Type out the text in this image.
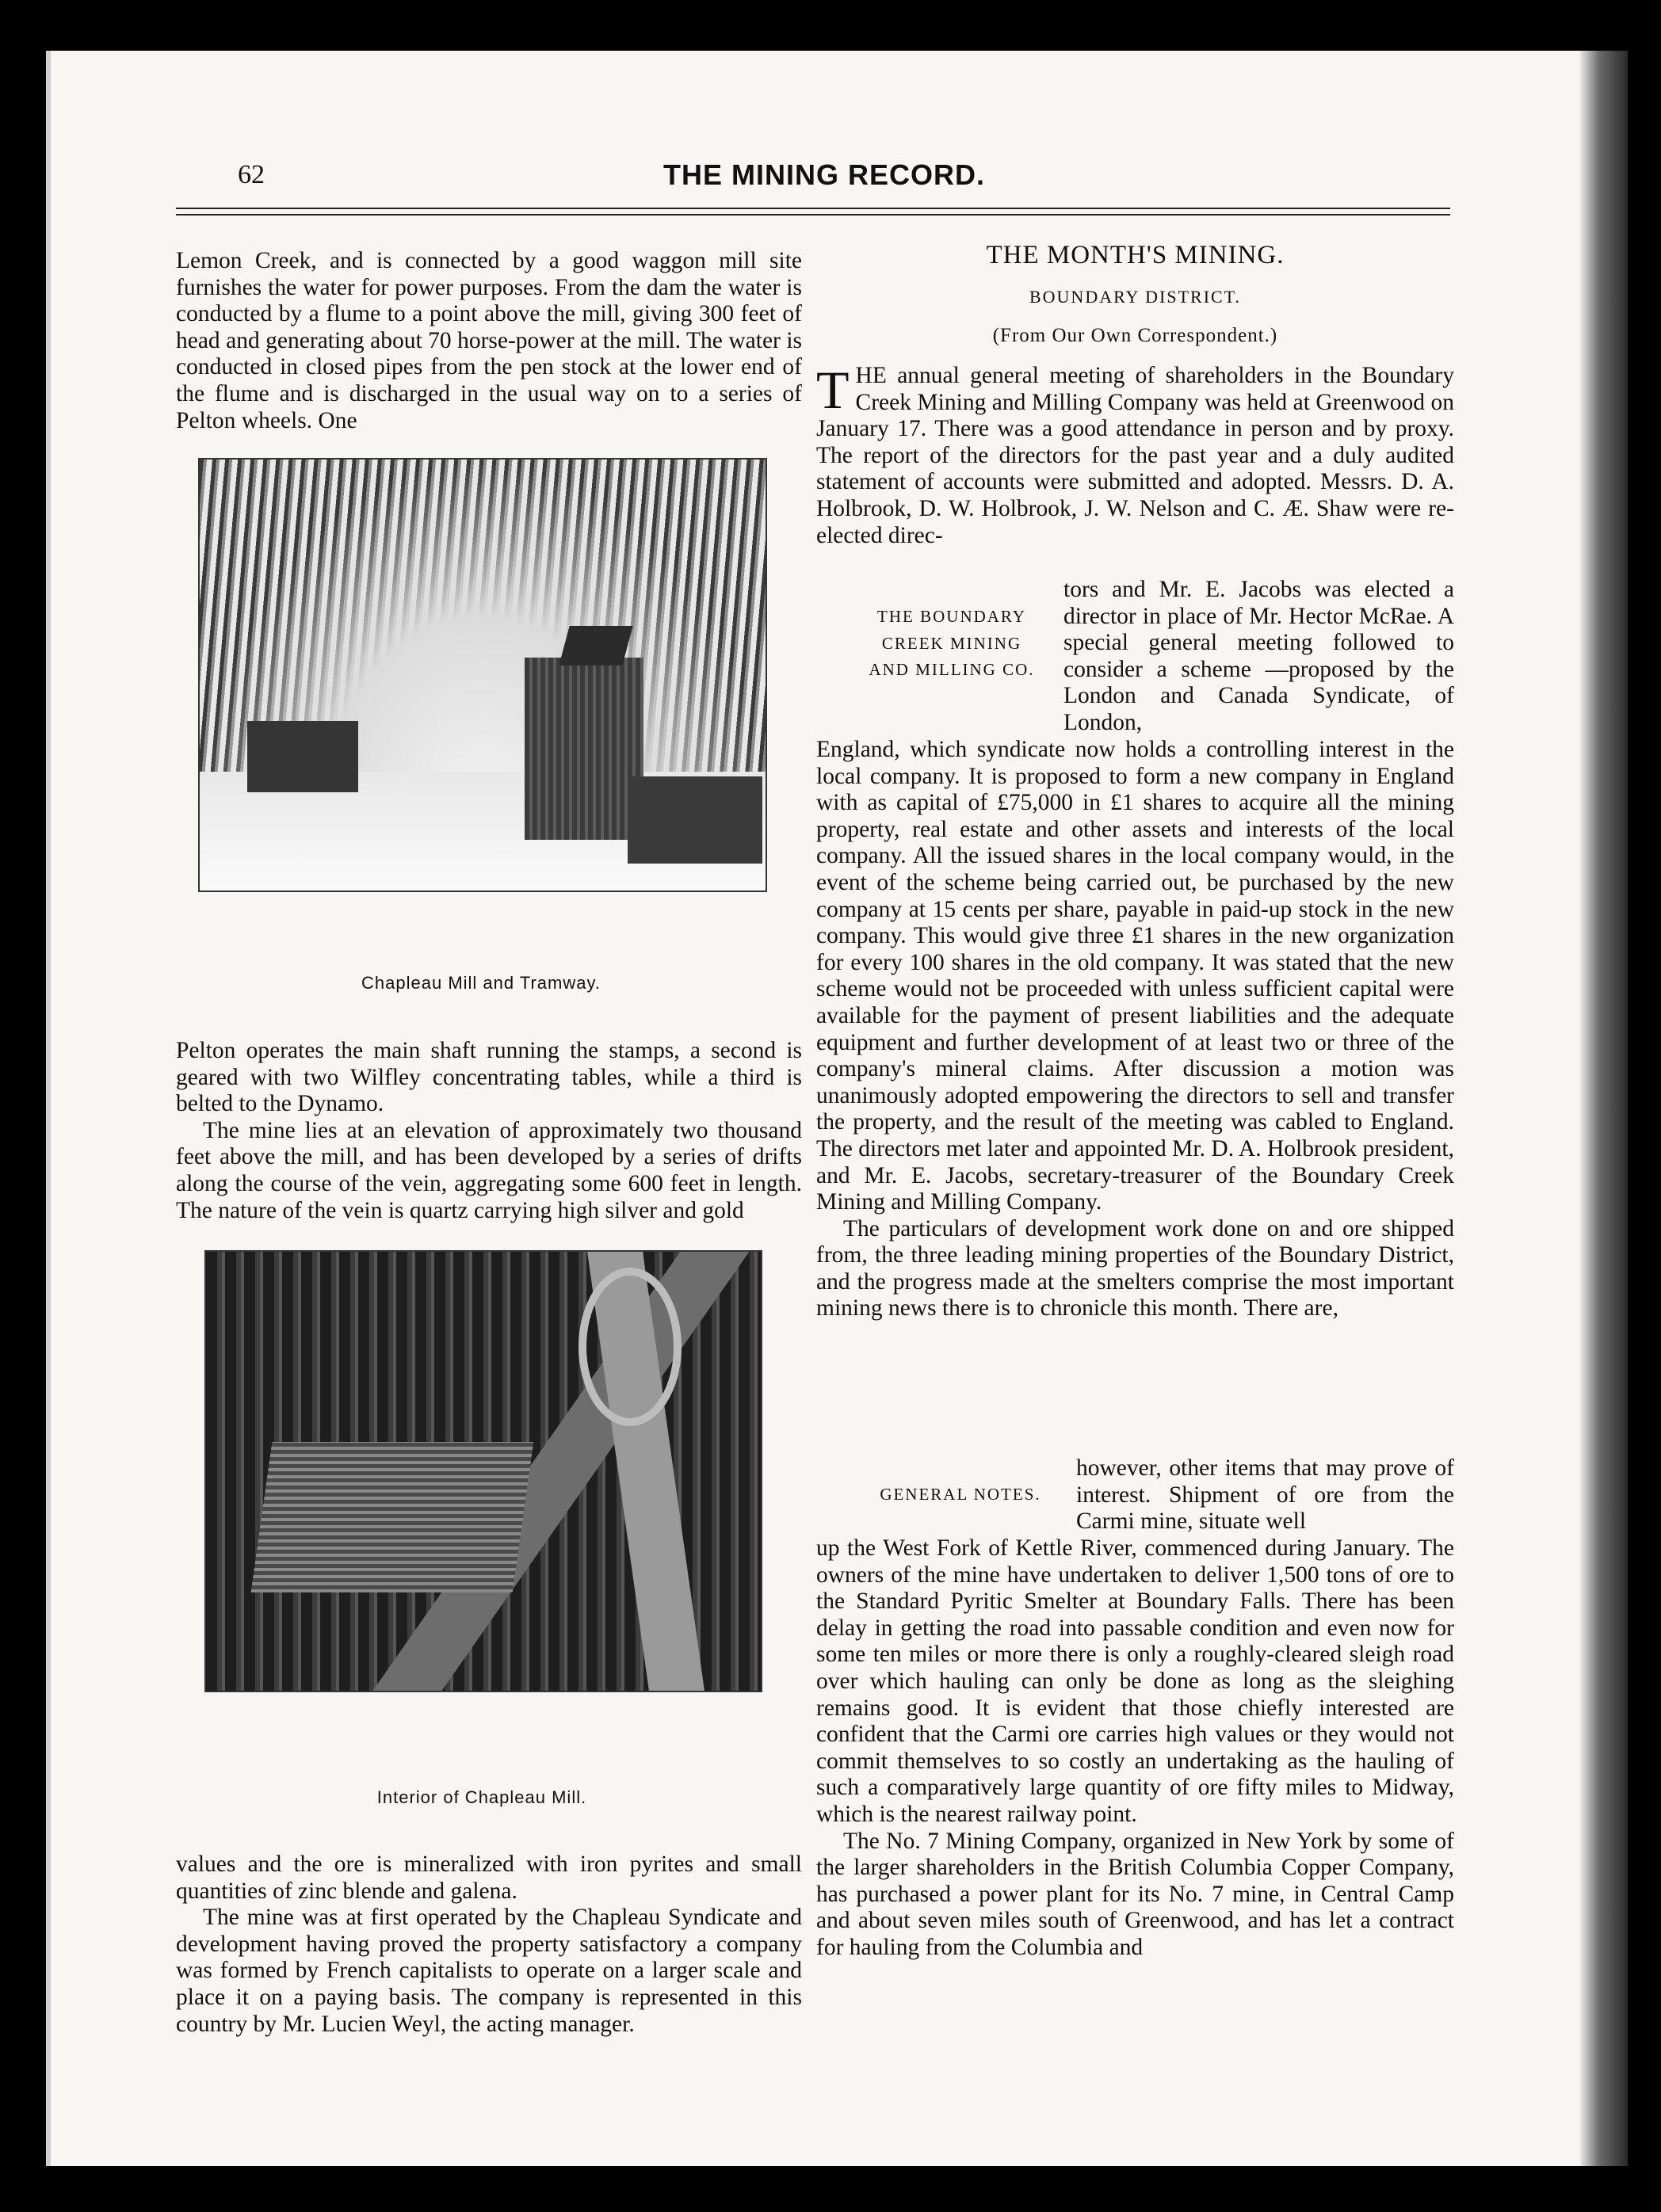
62	THE MINING RECORD.

Lemon Creek, and is connected by a good waggon mill site furnishes the water for power purposes. From the dam the water is conducted by a flume to a point above the mill, giving 300 feet of head and generating about 70 horse-power at the mill. The water is conducted in closed pipes from the pen stock at the lower end of the flume and is discharged in the usual way on to a series of Pelton wheels. One

Chapleau Mill and Tramway.

Pelton operates the main shaft running the stamps, a second is geared with two Wilfley concentrating tables, while a third is belted to the Dynamo.

The mine lies at an elevation of approximately two thousand feet above the mill, and has been developed by a series of drifts along the course of the vein, aggregating some 600 feet in length. The nature of the vein is quartz carrying high silver and gold

Interior of Chapleau Mill.

values and the ore is mineralized with iron pyrites and small quantities of zinc blende and galena.

The mine was at first operated by the Chapleau Syndicate and development having proved the property satisfactory a company was formed by French capitalists to operate on a larger scale and place it on a paying basis. The company is represented in this country by Mr. Lucien Weyl, the acting manager.

THE MONTH'S MINING.
BOUNDARY DISTRICT.
(From Our Own Correspondent.)

THE annual general meeting of shareholders in the Boundary Creek Mining and Milling Company was held at Greenwood on January 17. There was a good attendance in person and by proxy. The report of the directors for the past year and a duly audited statement of accounts were submitted and adopted. Messrs. D. A. Holbrook, D. W. Holbrook, J. W. Nelson and C. Æ. Shaw were re-elected direc-

THE BOUNDARY CREEK MINING AND MILLING CO.

tors and Mr. E. Jacobs was elected a director in place of Mr. Hector McRae. A special general meeting followed to consider a scheme —proposed by the London and Canada Syndicate, of London,

England, which syndicate now holds a controlling interest in the local company. It is proposed to form a new company in England with as capital of £75,000 in £1 shares to acquire all the mining property, real estate and other assets and interests of the local company. All the issued shares in the local company would, in the event of the scheme being carried out, be purchased by the new company at 15 cents per share, payable in paid-up stock in the new company. This would give three £1 shares in the new organization for every 100 shares in the old company. It was stated that the new scheme would not be proceeded with unless sufficient capital were available for the payment of present liabilities and the adequate equipment and further development of at least two or three of the company's mineral claims. After discussion a motion was unanimously adopted empowering the directors to sell and transfer the property, and the result of the meeting was cabled to England. The directors met later and appointed Mr. D. A. Holbrook president, and Mr. E. Jacobs, secretary-treasurer of the Boundary Creek Mining and Milling Company.

The particulars of development work done on and ore shipped from, the three leading mining properties of the Boundary District, and the progress made at the smelters comprise the most important mining news there is to chronicle this month. There are,

GENERAL NOTES.

however, other items that may prove of interest. Shipment of ore from the Carmi mine, situate well

up the West Fork of Kettle River, commenced during January. The owners of the mine have undertaken to deliver 1,500 tons of ore to the Standard Pyritic Smelter at Boundary Falls. There has been delay in getting the road into passable condition and even now for some ten miles or more there is only a roughly-cleared sleigh road over which hauling can only be done as long as the sleighing remains good. It is evident that those chiefly interested are confident that the Carmi ore carries high values or they would not commit themselves to so costly an undertaking as the hauling of such a comparatively large quantity of ore fifty miles to Midway, which is the nearest railway point.

The No. 7 Mining Company, organized in New York by some of the larger shareholders in the British Columbia Copper Company, has purchased a power plant for its No. 7 mine, in Central Camp and about seven miles south of Greenwood, and has let a contract for hauling from the Columbia and
